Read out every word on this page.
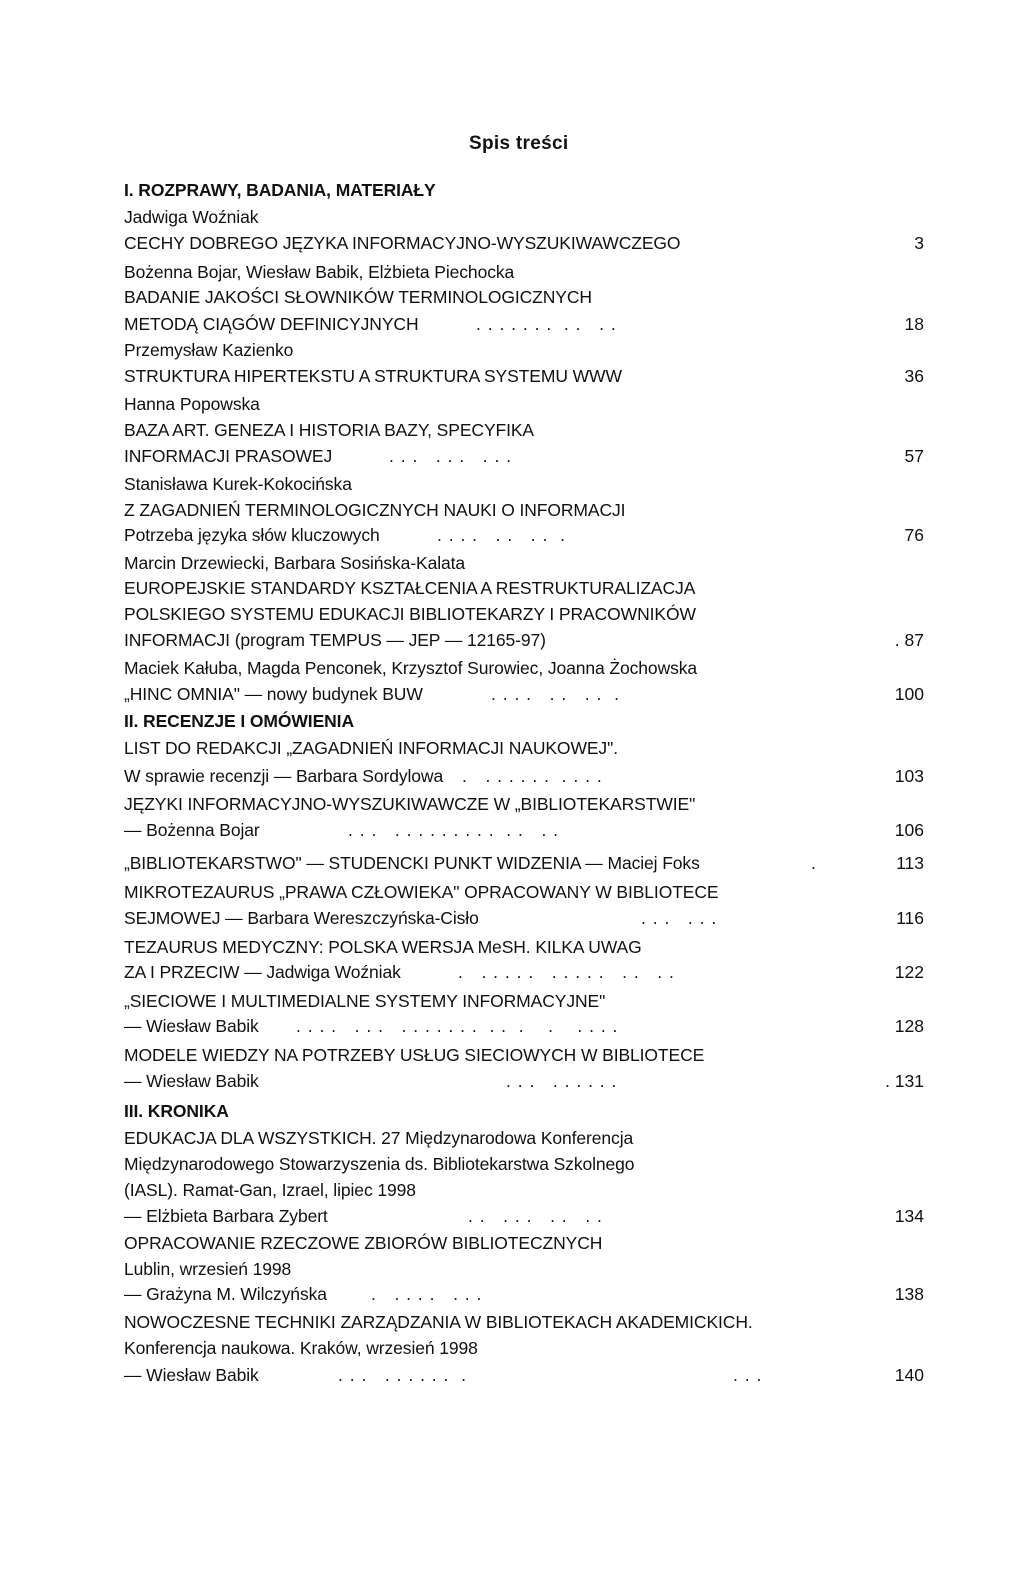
Spis treści
I. ROZPRAWY, BADANIA, MATERIAŁY
Jadwiga Woźniak
CECHY DOBREGO JĘZYKA INFORMACYJNO-WYSZUKIWAWCZEGO	3
Bożenna Bojar, Wiesław Babik, Elżbieta Piechocka
BADANIE JAKOŚCI SŁOWNIKÓW TERMINOLOGICZNYCH
METODĄ CIĄGÓW DEFINICYJNYCH	. . . . . . .  . .   . .	18
Przemysław Kazienko
STRUKTURA HIPERTEKSTU A STRUKTURA SYSTEMU WWW	36
Hanna Popowska
BAZA ART. GENEZA I HISTORIA BAZY, SPECYFIKA
INFORMACJI PRASOWEJ	. . .   . . .   . . .	57
Stanisława Kurek-Kokocińska
Z ZAGADNIEŃ TERMINOLOGICZNYCH NAUKI O INFORMACJI
Potrzeba języka słów kluczowych	. . . .   . .   . .  .	76
Marcin Drzewiecki, Barbara Sosińska-Kalata
EUROPEJSKIE STANDARDY KSZTAŁCENIA A RESTRUKTURALIZACJA
POLSKIEGO SYSTEMU EDUKACJI BIBLIOTEKARZY I PRACOWNIKÓW
INFORMACJI (program TEMPUS — JEP — 12165-97)	. 87
Maciek Kałuba, Magda Penconek, Krzysztof Surowiec, Joanna Żochowska
„HINC OMNIA" — nowy budynek BUW	. . . .   . .   . .  .	100
II. RECENZJE I OMÓWIENIA
LIST DO REDAKCJI „ZAGADNIEŃ INFORMACJI NAUKOWEJ".
W sprawie recenzji — Barbara Sordylowa .   . . . . . .  . . . .	103
JĘZYKI INFORMACYJNO-WYSZUKIWAWCZE W „BIBLIOTEKARSTWIE"
— Bożenna Bojar	. . .   . . . . . . . . .  . .   . .	106
„BIBLIOTEKARSTWO" — STUDENCKI PUNKT WIDZENIA — Maciej Foks	.	113
MIKROTEZAURUS „PRAWA CZŁOWIEKA" OPRACOWANY W BIBLIOTECE
SEJMOWEJ — Barbara Wereszczyńska-Cisło	. . .   . . .	116
TEZAURUS MEDYCZNY: POLSKA WERSJA MeSH. KILKA UWAG
ZA I PRZECIW — Jadwiga Woźniak	.   . . . . .   . . . . .   . .   . .	122
„SIECIOWE I MULTIMEDIALNE SYSTEMY INFORMACYJNE"
— Wiesław Babik . . . .   . . .   . . . . . . .  . .  .    .    . . . .	128
MODELE WIEDZY NA POTRZEBY USŁUG SIECIOWYCH W BIBLIOTECE
— Wiesław Babik	. . .   . . . . . .	. 131
III. KRONIKA
EDUKACJA DLA WSZYSTKICH. 27 Międzynarodowa Konferencja
Międzynarodowego Stowarzyszenia ds. Bibliotekarstwa Szkolnego
(IASL). Ramat-Gan, Izrael, lipiec 1998
— Elżbieta Barbara Zybert	. .   . . .   . .   . .	134
OPRACOWANIE RZECZOWE ZBIORÓW BIBLIOTECZNYCH
Lublin, wrzesień 1998
— Grażyna M. Wilczyńska	.   . . . .   . . .	138
NOWOCZESNE TECHNIKI ZARZĄDZANIA W BIBLIOTEKACH AKADEMICKICH.
Konferencja naukowa. Kraków, wrzesień 1998
— Wiesław Babik	. . .   . . . . . .  .	. . .	140
